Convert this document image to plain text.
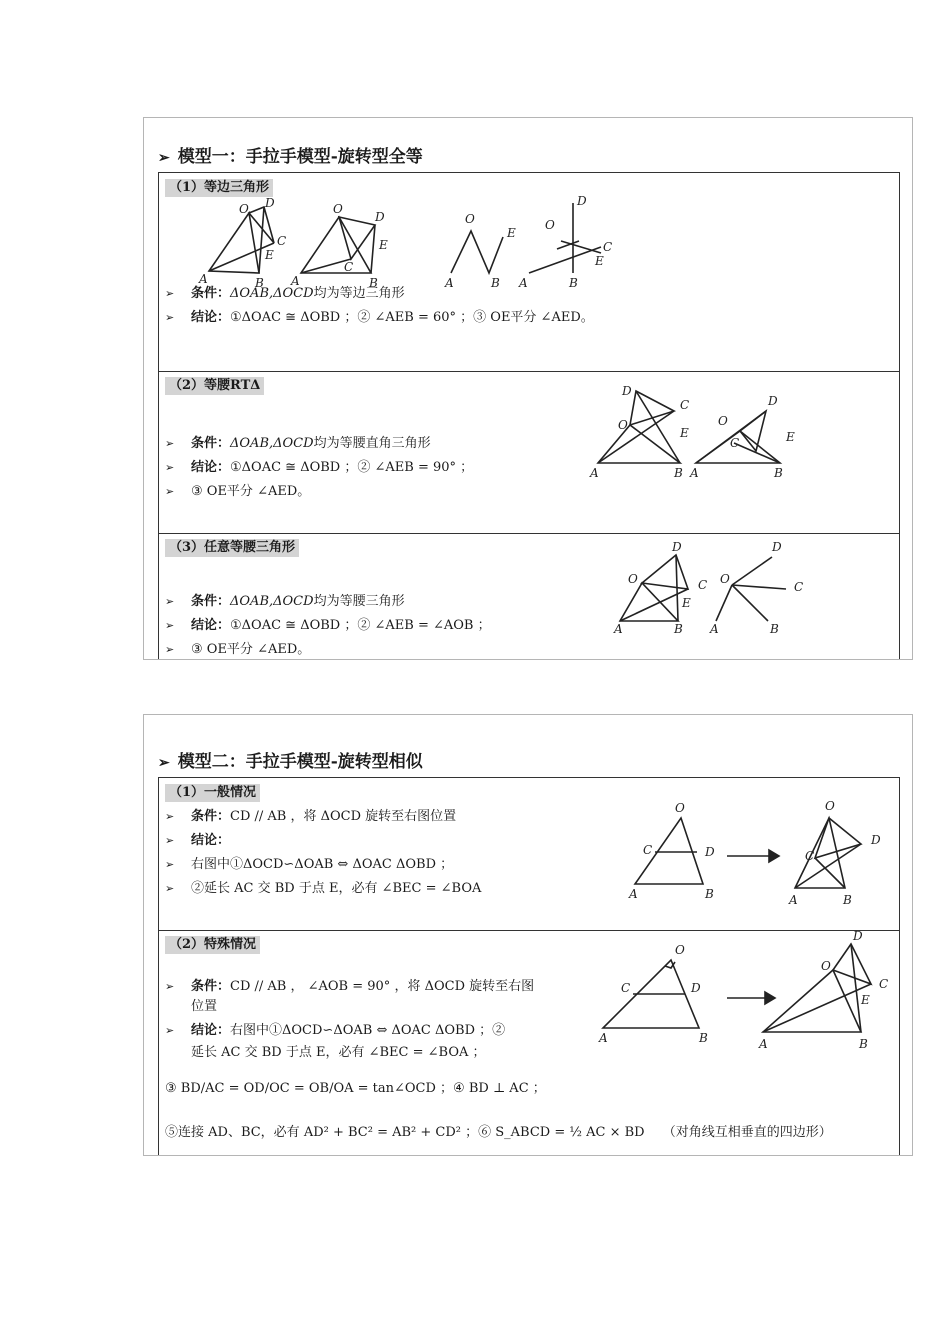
➢ 模型一：手拉手模型-旋转型全等
（1）等边三角形
A	B
O D
C
E
A	B
O
D
C
E
A	B
O
E
A	B
O
D
C
E
➢ 条件：ΔOAB,ΔOCD均为等边三角形
➢ 结论：①ΔOAC ≅ ΔOBD ；② ∠AEB = 60° ；③ OE平分 ∠AED。
（2）等腰RTΔ
A	B
O
D
C
E
A	B
O
D
C	E
➢ 条件：ΔOAB,ΔOCD均为等腰直角三角形
➢ 结论：①ΔOAC ≅ ΔOBD ；② ∠AEB = 90° ；
➢ ③ OE平分 ∠AED。
（3）任意等腰三角形
A	B
O
D
C
E
A	B
O
D
C
➢ 条件：ΔOAB,ΔOCD均为等腰三角形
➢ 结论：①ΔOAC ≅ ΔOBD ；② ∠AEB = ∠AOB ；
➢ ③ OE平分 ∠AED。
➢ 模型二：手拉手模型-旋转型相似
（1）一般情况
A	B
O
C	D
A	B
O
C
D
➢ 条件：CD // AB ，将 ΔOCD 旋转至右图位置
➢ 结论：
➢ 右图中①ΔOCD∽ΔOAB ⇔ ΔOAC ΔOBD ；
➢ ②延长 AC 交 BD 于点 E，必有 ∠BEC = ∠BOA
（2）特殊情况
A	B
O
C	D
A	B
O
D
C
E
➢ 条件：CD // AB ， ∠AOB = 90° ，将 ΔOCD 旋转至右图
位置
➢ 结论：右图中①ΔOCD∽ΔOAB ⇔ ΔOAC ΔOBD ；②
延长 AC 交 BD 于点 E，必有 ∠BEC = ∠BOA ；
③ BD/AC = OD/OC = OB/OA = tan∠OCD ；④ BD ⊥ AC ；
⑤连接 AD、BC，必有 AD² + BC² = AB² + CD² ；⑥ S_ABCD = ½ AC × BD （对角线互相垂直的四边形）
